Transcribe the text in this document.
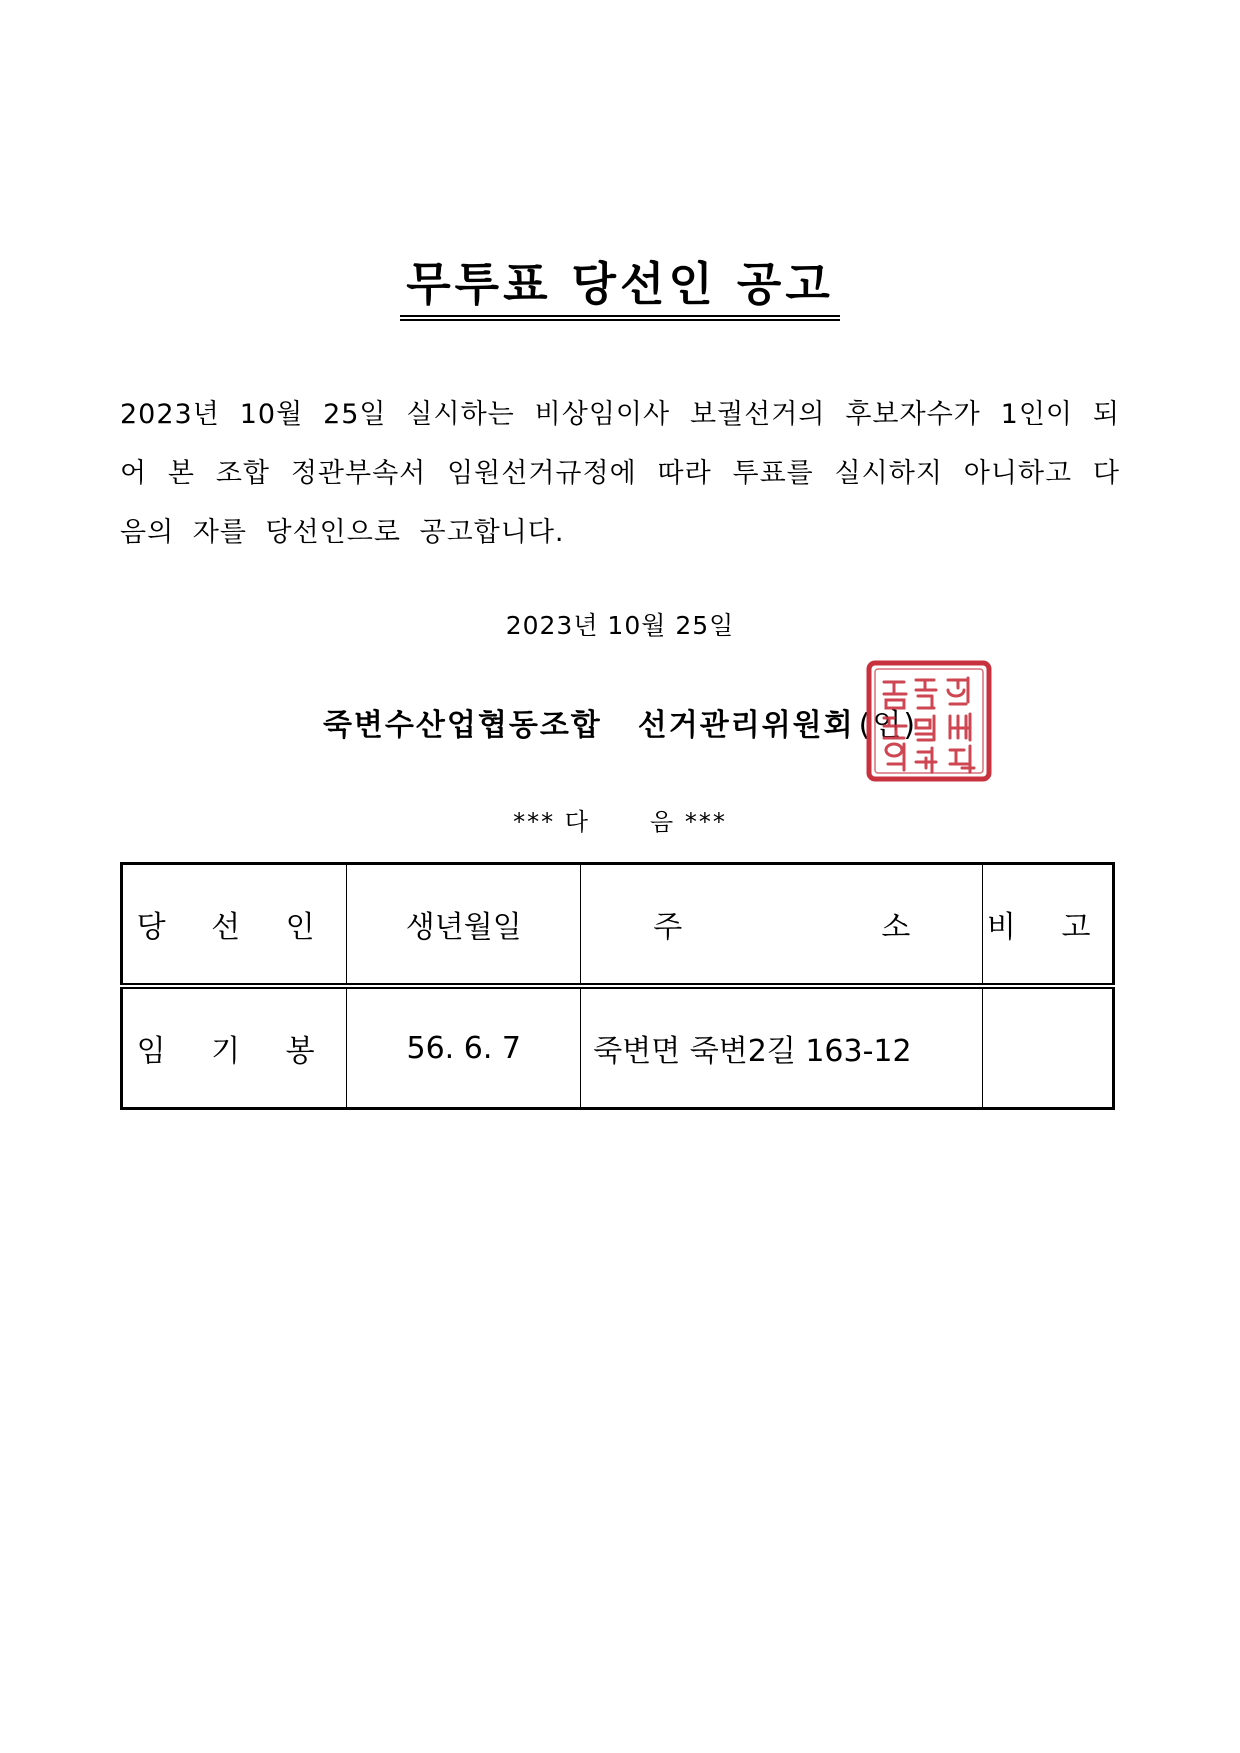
무투표 당선인 공고
2023년 10월 25일 실시하는 비상임이사 보궐선거의 후보자수가 1인이 되어 본 조합 정관부속서 임원선거규정에 따라 투표를 실시하지 아니하고 다음의 자를 당선인으로 공고합니다.
2023년 10월 25일
죽변수산업협동조합 선거관리위원회 (인)
죽변수협선거관리위원회인
*** 다	음 ***
당 선 인	생년월일	주 소	비 고
임 기 봉	56. 6. 7	죽변면 죽변2길 163-12	
